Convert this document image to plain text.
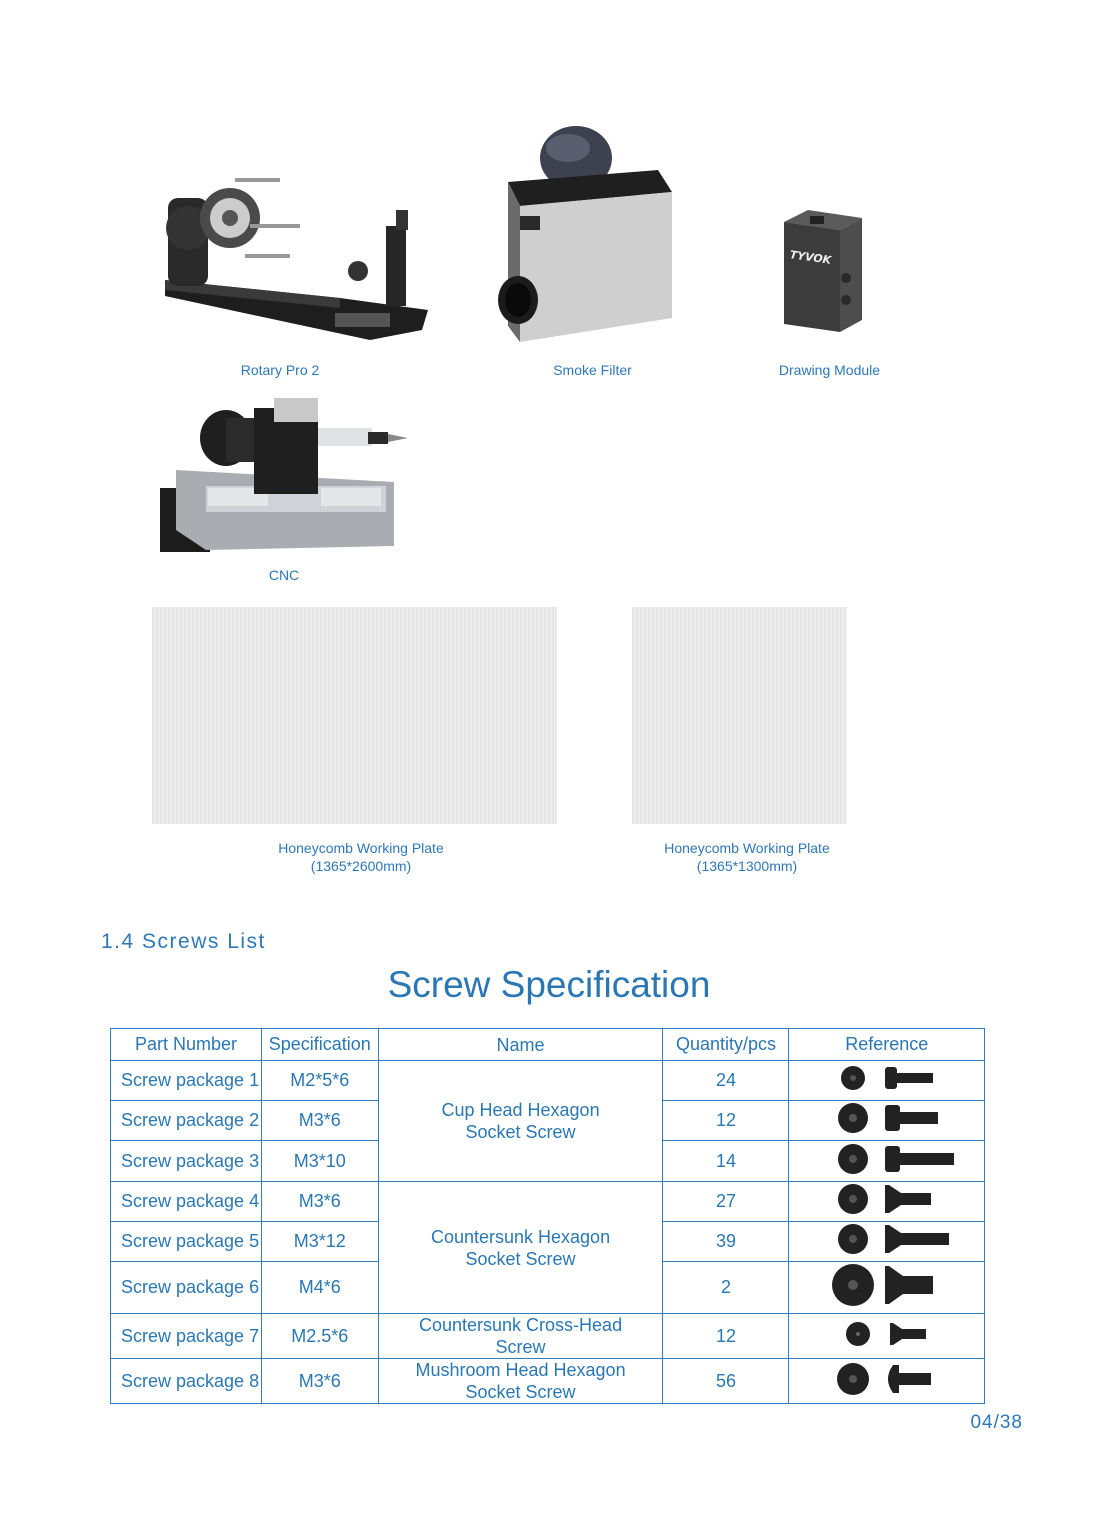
Rotary Pro 2	Smoke Filter
TYVOK
Drawing Module
CNC
Honeycomb Working Plate
(1365*2600mm)
Honeycomb Working Plate
(1365*1300mm)
1.4 Screws List
Screw Specification
Part Number	Specification	Name	Quantity/pcs	Reference
Screw package 1	M2*5*6	Cup Head Hexagon Socket Screw	24	
Screw package 2	M3*6		12	
Screw package 3	M3*10		14	
Screw package 4	M3*6	Countersunk Hexagon Socket Screw	27	
Screw package 5	M3*12		39	
Screw package 6	M4*6		2	
Screw package 7	M2.5*6	Countersunk Cross-Head Screw	12	
Screw package 8	M3*6	Mushroom Head Hexagon Socket Screw	56	
04/38
